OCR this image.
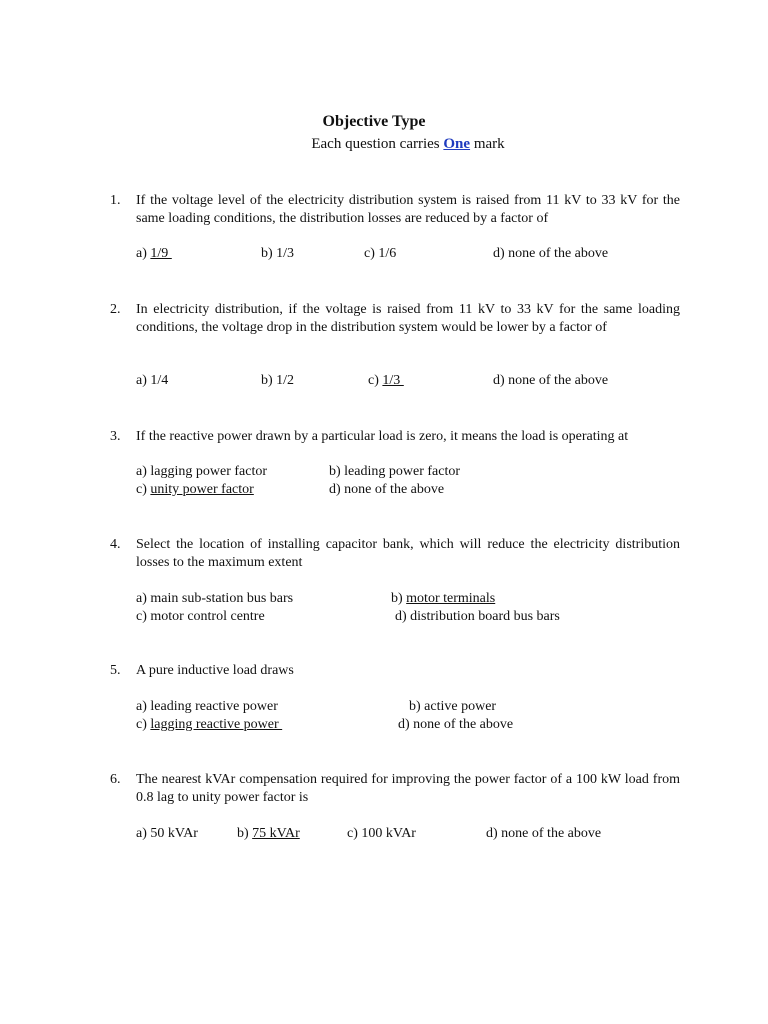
Objective Type
Each question carries One mark
1. If the voltage level of the electricity distribution system is raised from 11 kV to 33 kV for the same loading conditions, the distribution losses are reduced by a factor of
a) 1/9	b) 1/3	c) 1/6	d) none of the above
2. In electricity distribution, if the voltage is raised from 11 kV to 33 kV for the same loading conditions, the voltage drop in the distribution system would be lower by a factor of
a) 1/4	b) 1/2	c) 1/3	d) none of the above
3. If the reactive power drawn by a particular load is zero, it means the load is operating at
a) lagging power factor	b) leading power factor
c) unity power factor	d) none of the above
4. Select the location of installing capacitor bank, which will reduce the electricity distribution losses to the maximum extent
a) main sub-station bus bars	b) motor terminals
c) motor control centre	d) distribution board bus bars
5. A pure inductive load draws
a) leading reactive power	b) active power
c) lagging reactive power	d) none of the above
6. The nearest kVAr compensation required for improving the power factor of a 100 kW load from 0.8 lag to unity power factor is
a) 50 kVAr	b) 75 kVAr	c) 100 kVAr	d) none of the above
